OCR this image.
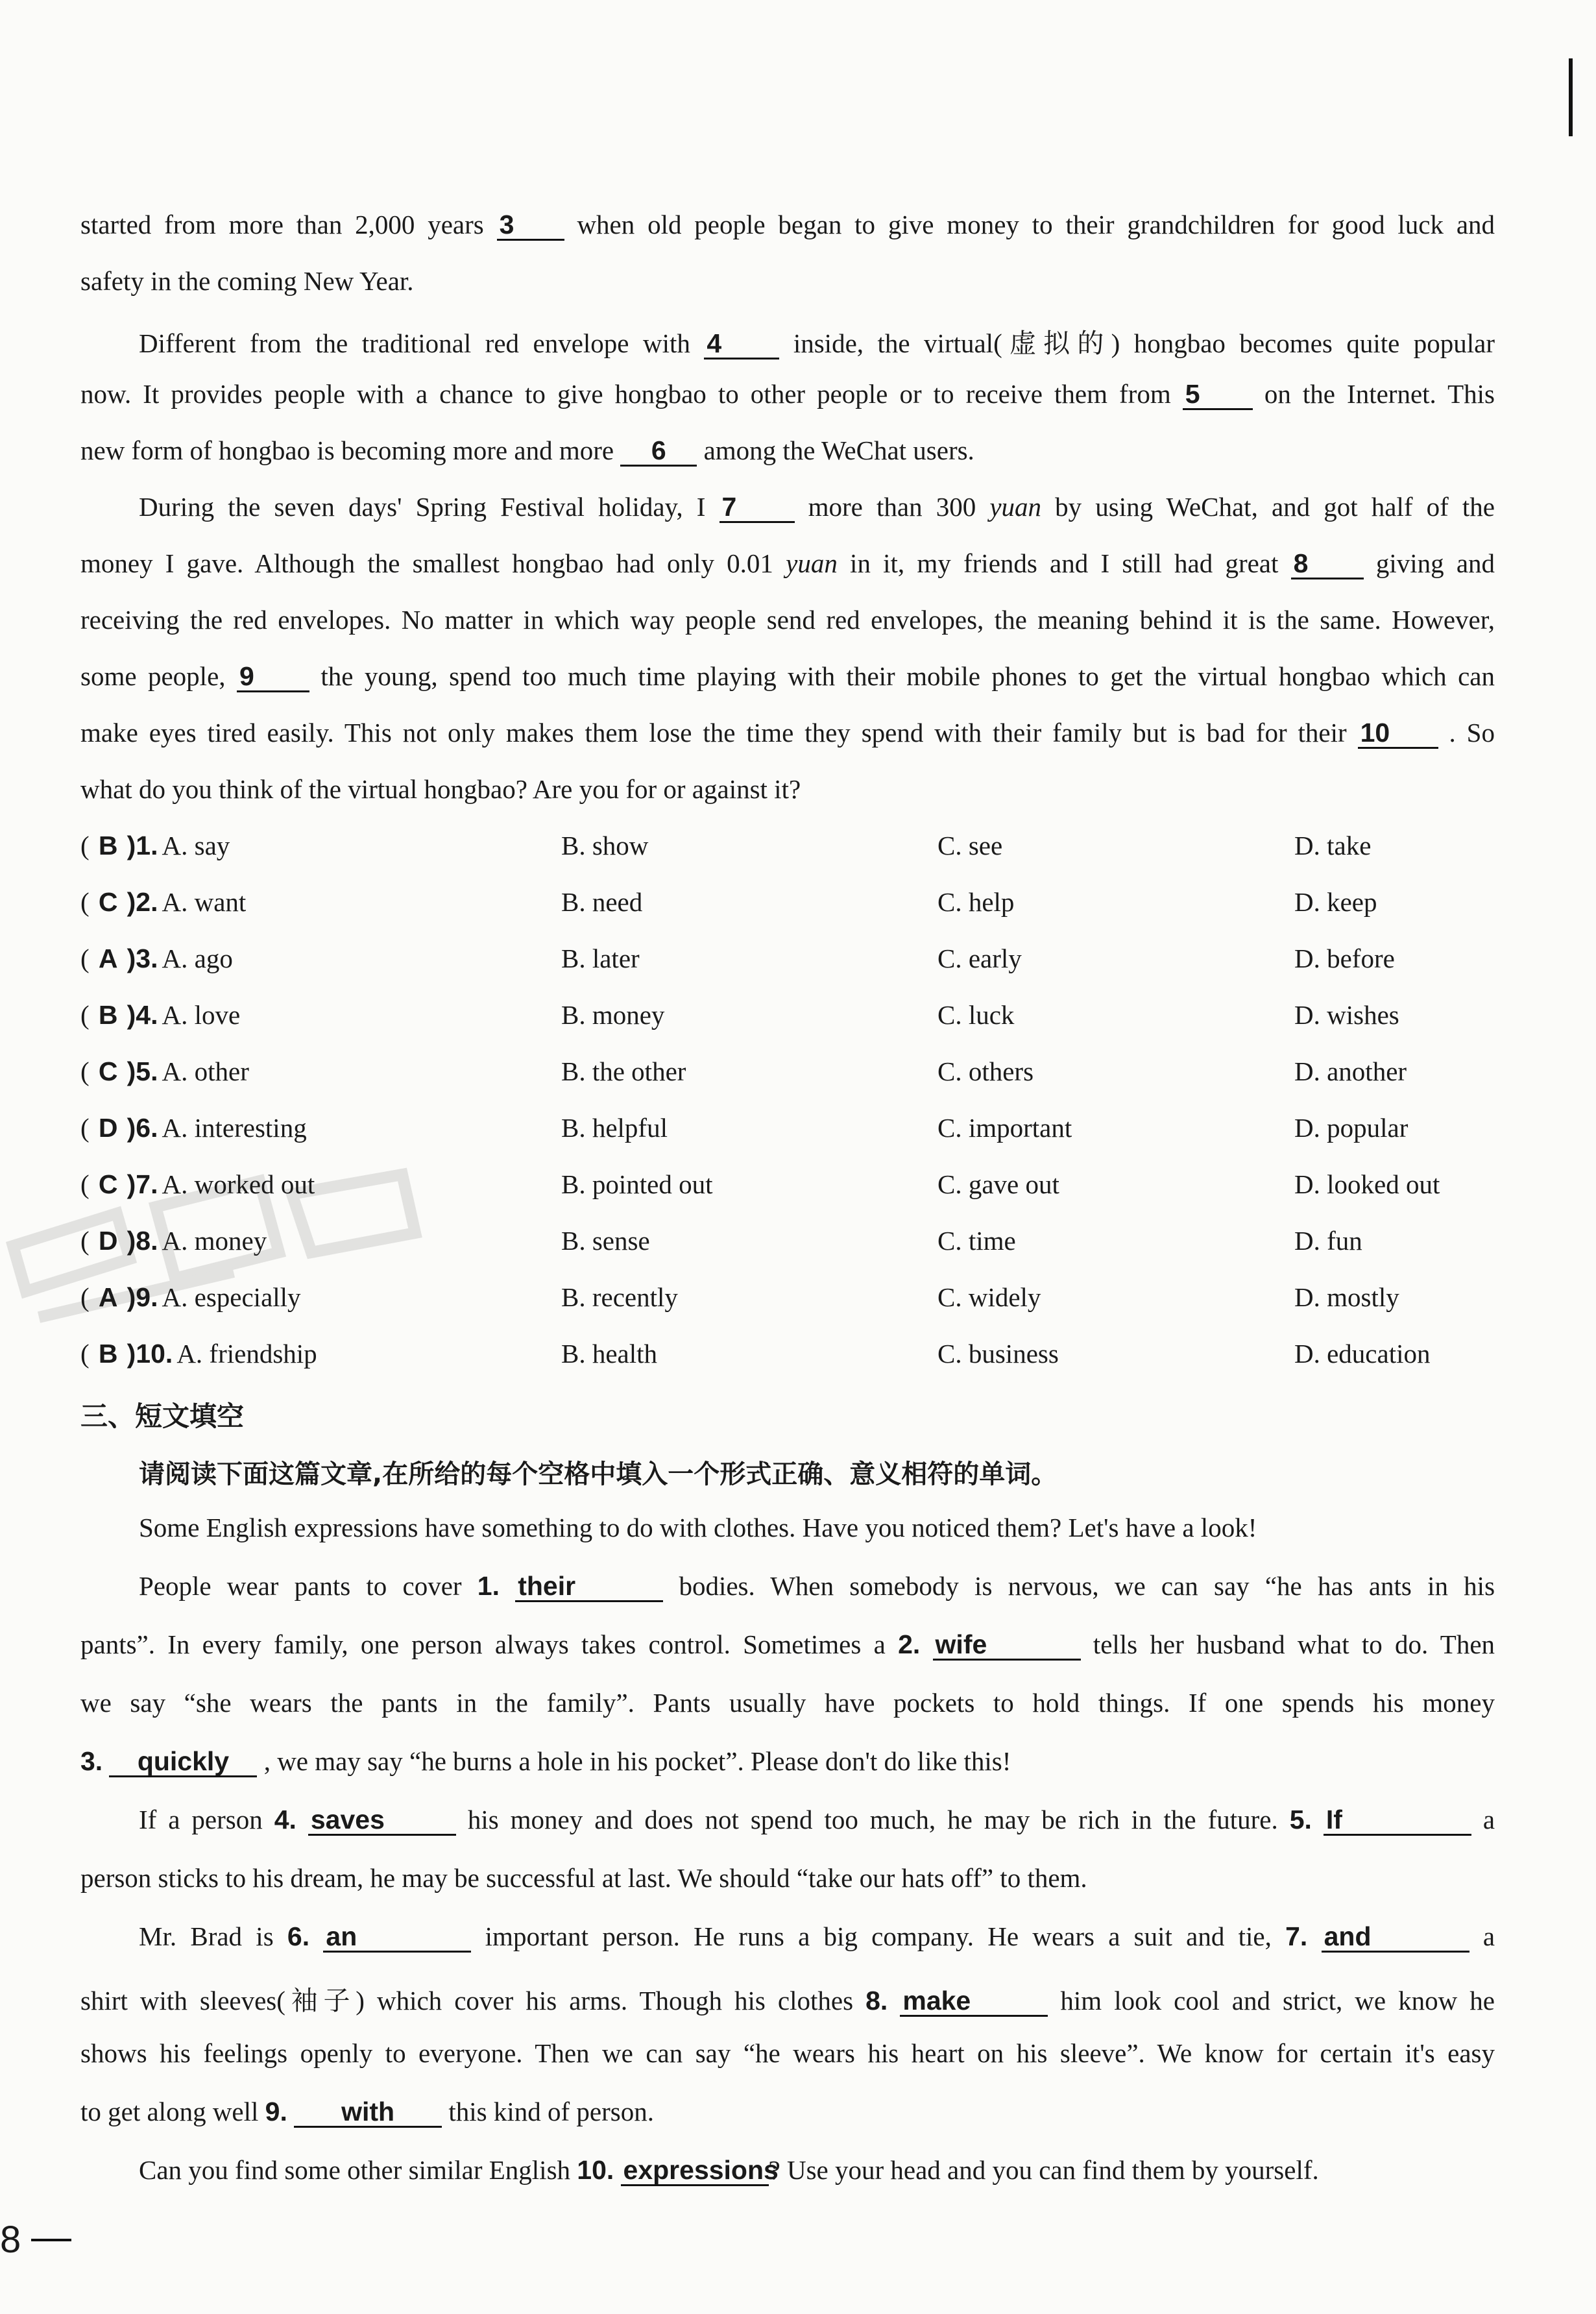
started from more than 2,000 years 3 when old people began to give money to their grandchildren for good luck and
safety in the coming New Year.
Different from the traditional red envelope with 4	inside, the virtual(虚拟的) hongbao becomes quite popular
now. It provides people with a chance to give hongbao to other people or to receive them from 5 on the Internet. This
new form of hongbao is becoming more and more 6 among the WeChat users.
During the seven days' Spring Festival holiday, I 7	more than 300 yuan by using WeChat, and got half of the
money I gave. Although the smallest hongbao had only 0.01 yuan in it, my friends and I still had great 8	giving and
receiving the red envelopes. No matter in which way people send red envelopes, the meaning behind it is the same. However,
some people, 9	the young, spend too much time playing with their mobile phones to get the virtual hongbao which can
make eyes tired easily. This not only makes them lose the time they spend with their family but is bad for their 10 . So
what do you think of the virtual hongbao? Are you for or against it?
( B )1. A. say	B. show	C. see	D. take
( C )2. A. want	B. need	C. help	D. keep
( A )3. A. ago	B. later	C. early	D. before
( B )4. A. love	B. money	C. luck	D. wishes
( C )5. A. other	B. the other	C. others	D. another
( D )6. A. interesting	B. helpful	C. important	D. popular
( C )7. A. worked out	B. pointed out	C. gave out	D. looked out
( D )8. A. money	B. sense	C. time	D. fun
( A )9. A. especially	B. recently	C. widely	D. mostly
( B )10. A. friendship	B. health	C. business	D. education
三、短文填空
请阅读下面这篇文章,在所给的每个空格中填入一个形式正确、意义相符的单词。
Some English expressions have something to do with clothes. Have you noticed them? Let's have a look!
People wear pants to cover 1. their	bodies. When somebody is nervous, we can say “he has ants in his
pants”. In every family, one person always takes control. Sometimes a 2. wife	tells her husband what to do. Then
we say “she wears the pants in the family”. Pants usually have pockets to hold things. If one spends his money
3. quickly , we may say “he burns a hole in his pocket”. Please don't do like this!
If a person 4. saves	his money and does not spend too much, he may be rich in the future. 5. If	a
person sticks to his dream, he may be successful at last. We should “take our hats off” to them.
Mr. Brad is 6. an	important person. He runs a big company. He wears a suit and tie, 7. and	a
shirt with sleeves(袖子) which cover his arms. Though his clothes 8. make	him look cool and strict, we know he
shows his feelings openly to everyone. Then we can say “he wears his heart on his sleeve”. We know for certain it's easy
to get along well 9. with this kind of person.
Can you find some other similar English 10. expressions? Use your head and you can find them by yourself.
8
